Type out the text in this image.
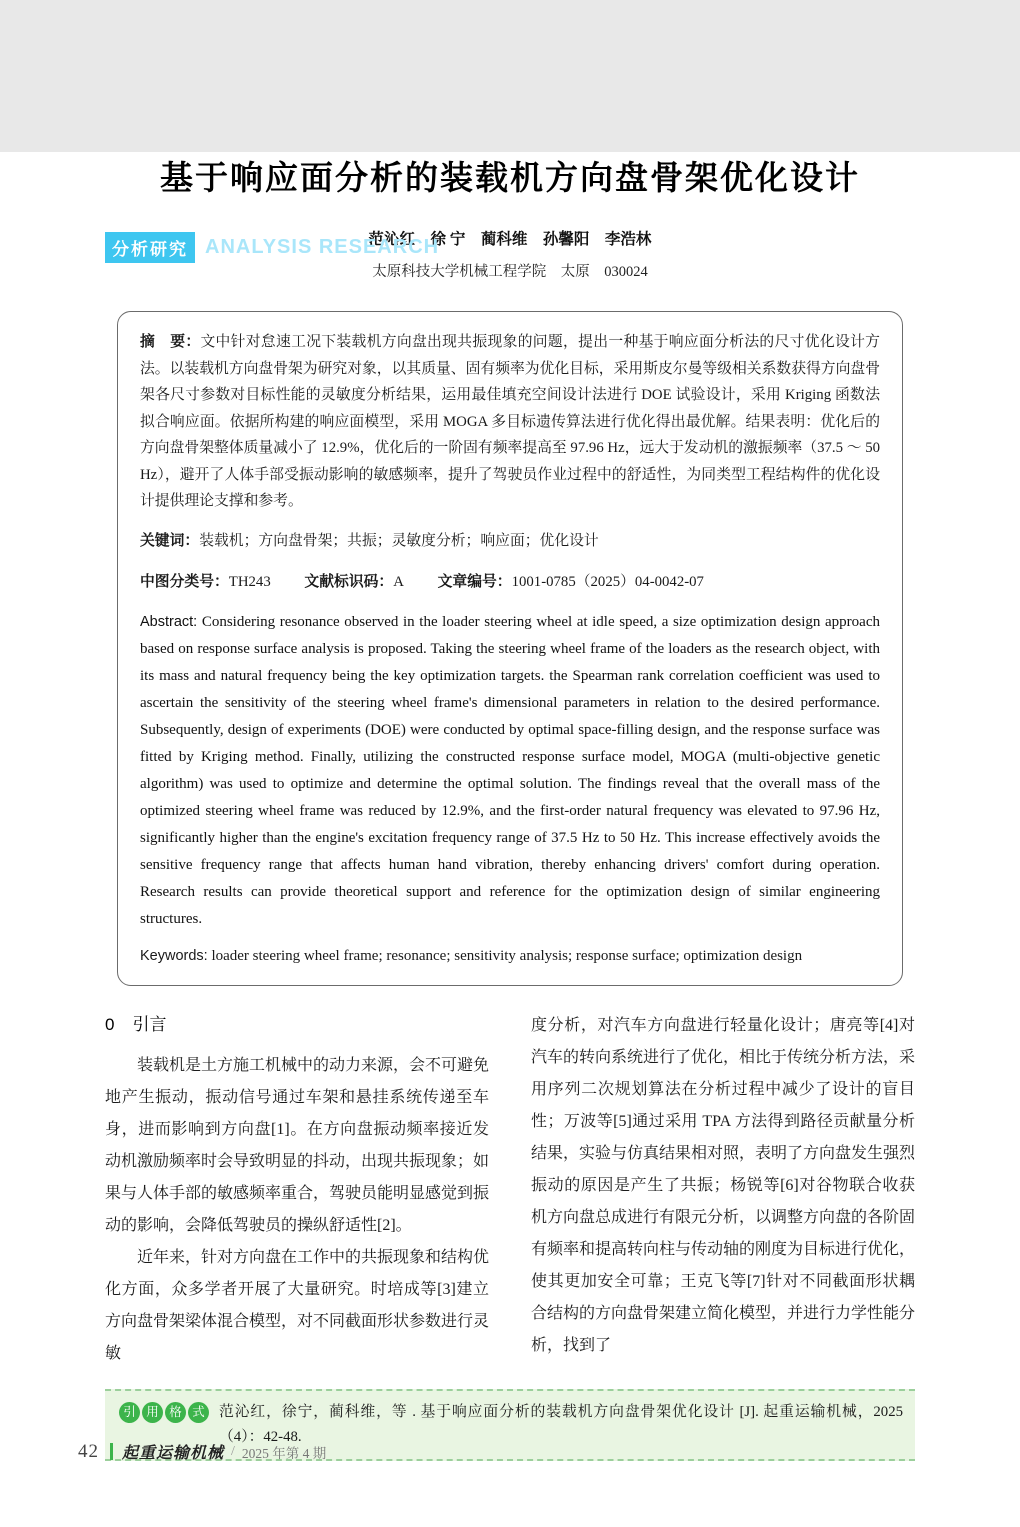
分析研究 ANALYSIS RESEARCH
基于响应面分析的装载机方向盘骨架优化设计
范沁红　徐 宁　蔺科维　孙馨阳　李浩林
太原科技大学机械工程学院　太原　030024
摘　要：文中针对怠速工况下装载机方向盘出现共振现象的问题，提出一种基于响应面分析法的尺寸优化设计方法。以装载机方向盘骨架为研究对象，以其质量、固有频率为优化目标，采用斯皮尔曼等级相关系数获得方向盘骨架各尺寸参数对目标性能的灵敏度分析结果，运用最佳填充空间设计法进行 DOE 试验设计，采用 Kriging 函数法拟合响应面。依据所构建的响应面模型，采用 MOGA 多目标遗传算法进行优化得出最优解。结果表明：优化后的方向盘骨架整体质量减小了 12.9%，优化后的一阶固有频率提高至 97.96 Hz，远大于发动机的激振频率（37.5 ～ 50 Hz），避开了人体手部受振动影响的敏感频率，提升了驾驶员作业过程中的舒适性，为同类型工程结构件的优化设计提供理论支撑和参考。
关键词：装载机；方向盘骨架；共振；灵敏度分析；响应面；优化设计
中图分类号：TH243 文献标识码：A 文章编号：1001-0785（2025）04-0042-07
Abstract: Considering resonance observed in the loader steering wheel at idle speed, a size optimization design approach based on response surface analysis is proposed. Taking the steering wheel frame of the loaders as the research object, with its mass and natural frequency being the key optimization targets. the Spearman rank correlation coefficient was used to ascertain the sensitivity of the steering wheel frame's dimensional parameters in relation to the desired performance. Subsequently, design of experiments (DOE) were conducted by optimal space-filling design, and the response surface was fitted by Kriging method. Finally, utilizing the constructed response surface model, MOGA (multi-objective genetic algorithm) was used to optimize and determine the optimal solution. The findings reveal that the overall mass of the optimized steering wheel frame was reduced by 12.9%, and the first-order natural frequency was elevated to 97.96 Hz, significantly higher than the engine's excitation frequency range of 37.5 Hz to 50 Hz. This increase effectively avoids the sensitive frequency range that affects human hand vibration, thereby enhancing drivers' comfort during operation. Research results can provide theoretical support and reference for the optimization design of similar engineering structures.
Keywords: loader steering wheel frame; resonance; sensitivity analysis; response surface; optimization design
0 引言

装载机是土方施工机械中的动力来源，会不可避免地产生振动，振动信号通过车架和悬挂系统传递至车身，进而影响到方向盘[1]。在方向盘振动频率接近发动机激励频率时会导致明显的抖动，出现共振现象；如果与人体手部的敏感频率重合，驾驶员能明显感觉到振动的影响，会降低驾驶员的操纵舒适性[2]。

近年来，针对方向盘在工作中的共振现象和结构优化方面，众多学者开展了大量研究。时培成等[3]建立方向盘骨架梁体混合模型，对不同截面形状参数进行灵敏

度分析，对汽车方向盘进行轻量化设计；唐亮等[4]对汽车的转向系统进行了优化，相比于传统分析方法，采用序列二次规划算法在分析过程中减少了设计的盲目性；万波等[5]通过采用 TPA 方法得到路径贡献量分析结果，实验与仿真结果相对照，表明了方向盘发生强烈振动的原因是产生了共振；杨锐等[6]对谷物联合收获机方向盘总成进行有限元分析，以调整方向盘的各阶固有频率和提高转向柱与传动轴的刚度为目标进行优化，使其更加安全可靠；王克飞等[7]针对不同截面形状耦合结构的方向盘骨架建立简化模型，并进行力学性能分析，找到了

引 用 格 式 范沁红，徐宁，蔺科维，等 . 基于响应面分析的装载机方向盘骨架优化设计 [J]. 起重运输机械，2025（4）：42-48.
42 起重运输机械 / 2025 年第 4 期
